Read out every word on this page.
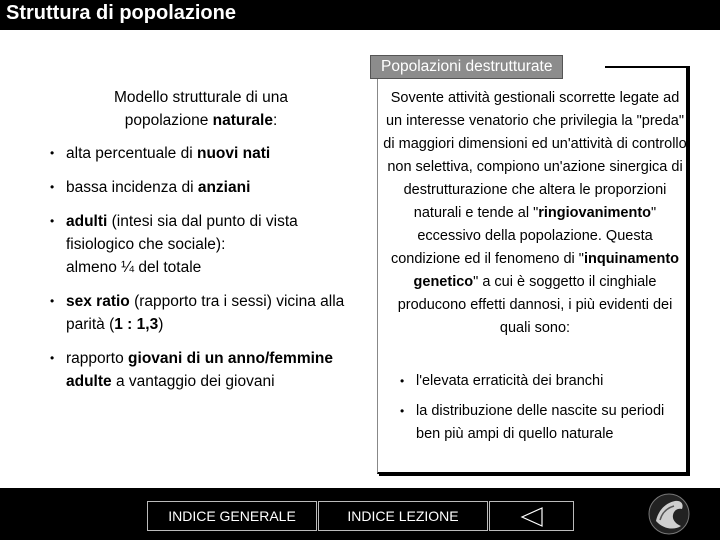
Struttura di popolazione
Modello strutturale di una
popolazione naturale:
• alta percentuale di nuovi nati
• bassa incidenza di anziani
• adulti (intesi sia dal punto di vista fisiologico che sociale):
almeno ¼ del totale
• sex ratio (rapporto tra i sessi) vicina alla parità (1 : 1,3)
• rapporto giovani di un anno/femmine adulte a vantaggio dei giovani
Popolazioni destrutturate
Sovente attività gestionali scorrette legate ad un interesse venatorio che privilegia la "preda" di maggiori dimensioni ed un'attività di controllo non selettiva, compiono un'azione sinergica di destrutturazione che altera le proporzioni naturali e tende al "ringiovanimento" eccessivo della popolazione. Questa condizione ed il fenomeno di "inquinamento genetico" a cui è soggetto il cinghiale producono effetti dannosi, i più evidenti dei quali sono:
• l'elevata erraticità dei branchi
• la distribuzione delle nascite su periodi ben più ampi di quello naturale
INDICE GENERALE	INDICE LEZIONE
